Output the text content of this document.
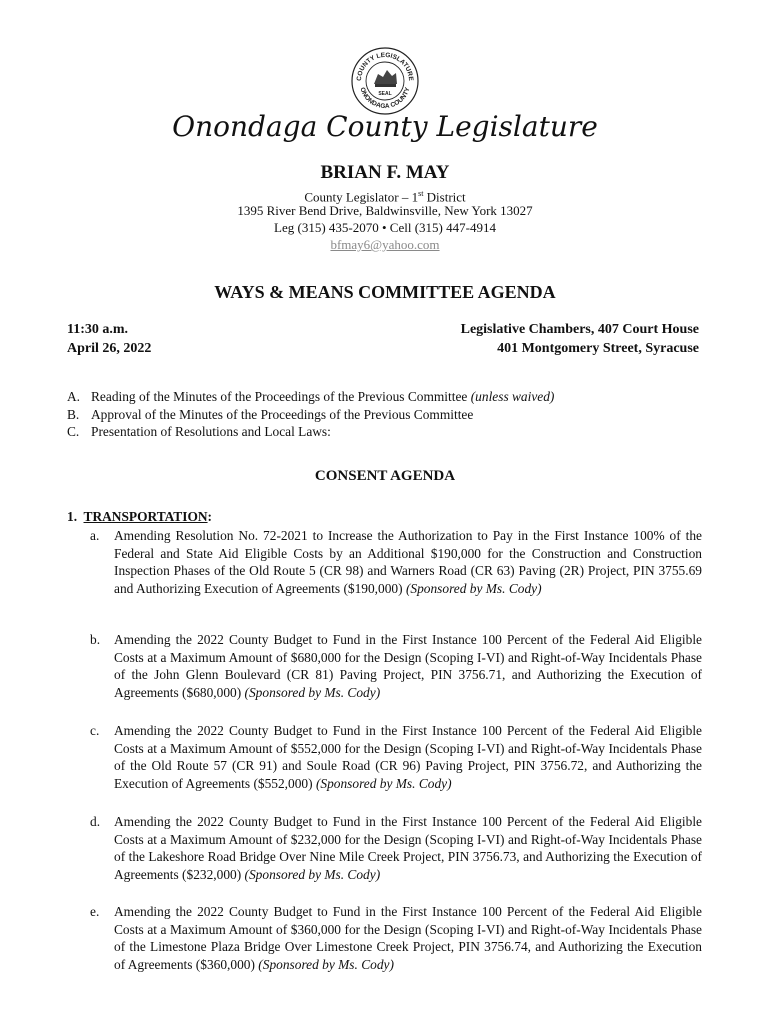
COUNTY LEGISLATURE
ONONDAGA COUNTY
SEAL
Onondaga County Legislature
BRIAN F. MAY
County Legislator – 1st District
1395 River Bend Drive, Baldwinsville, New York 13027
Leg (315) 435-2070 • Cell (315) 447-4914
bfmay6@yahoo.com
WAYS & MEANS COMMITTEE AGENDA
11:30 a.m.
April 26, 2022
Legislative Chambers, 407 Court House
401 Montgomery Street, Syracuse
A. Reading of the Minutes of the Proceedings of the Previous Committee (unless waived)
B. Approval of the Minutes of the Proceedings of the Previous Committee
C. Presentation of Resolutions and Local Laws:
CONSENT AGENDA
1. TRANSPORTATION:
a. Amending Resolution No. 72-2021 to Increase the Authorization to Pay in the First Instance 100% of the Federal and State Aid Eligible Costs by an Additional $190,000 for the Construction and Construction Inspection Phases of the Old Route 5 (CR 98) and Warners Road (CR 63) Paving (2R) Project, PIN 3755.69 and Authorizing Execution of Agreements ($190,000) (Sponsored by Ms. Cody)
b. Amending the 2022 County Budget to Fund in the First Instance 100 Percent of the Federal Aid Eligible Costs at a Maximum Amount of $680,000 for the Design (Scoping I-VI) and Right-of-Way Incidentals Phase of the John Glenn Boulevard (CR 81) Paving Project, PIN 3756.71, and Authorizing the Execution of Agreements ($680,000) (Sponsored by Ms. Cody)
c. Amending the 2022 County Budget to Fund in the First Instance 100 Percent of the Federal Aid Eligible Costs at a Maximum Amount of $552,000 for the Design (Scoping I-VI) and Right-of-Way Incidentals Phase of the Old Route 57 (CR 91) and Soule Road (CR 96) Paving Project, PIN 3756.72, and Authorizing the Execution of Agreements ($552,000) (Sponsored by Ms. Cody)
d. Amending the 2022 County Budget to Fund in the First Instance 100 Percent of the Federal Aid Eligible Costs at a Maximum Amount of $232,000 for the Design (Scoping I-VI) and Right-of-Way Incidentals Phase of the Lakeshore Road Bridge Over Nine Mile Creek Project, PIN 3756.73, and Authorizing the Execution of Agreements ($232,000) (Sponsored by Ms. Cody)
e. Amending the 2022 County Budget to Fund in the First Instance 100 Percent of the Federal Aid Eligible Costs at a Maximum Amount of $360,000 for the Design (Scoping I-VI) and Right-of-Way Incidentals Phase of the Limestone Plaza Bridge Over Limestone Creek Project, PIN 3756.74, and Authorizing the Execution of Agreements ($360,000) (Sponsored by Ms. Cody)
